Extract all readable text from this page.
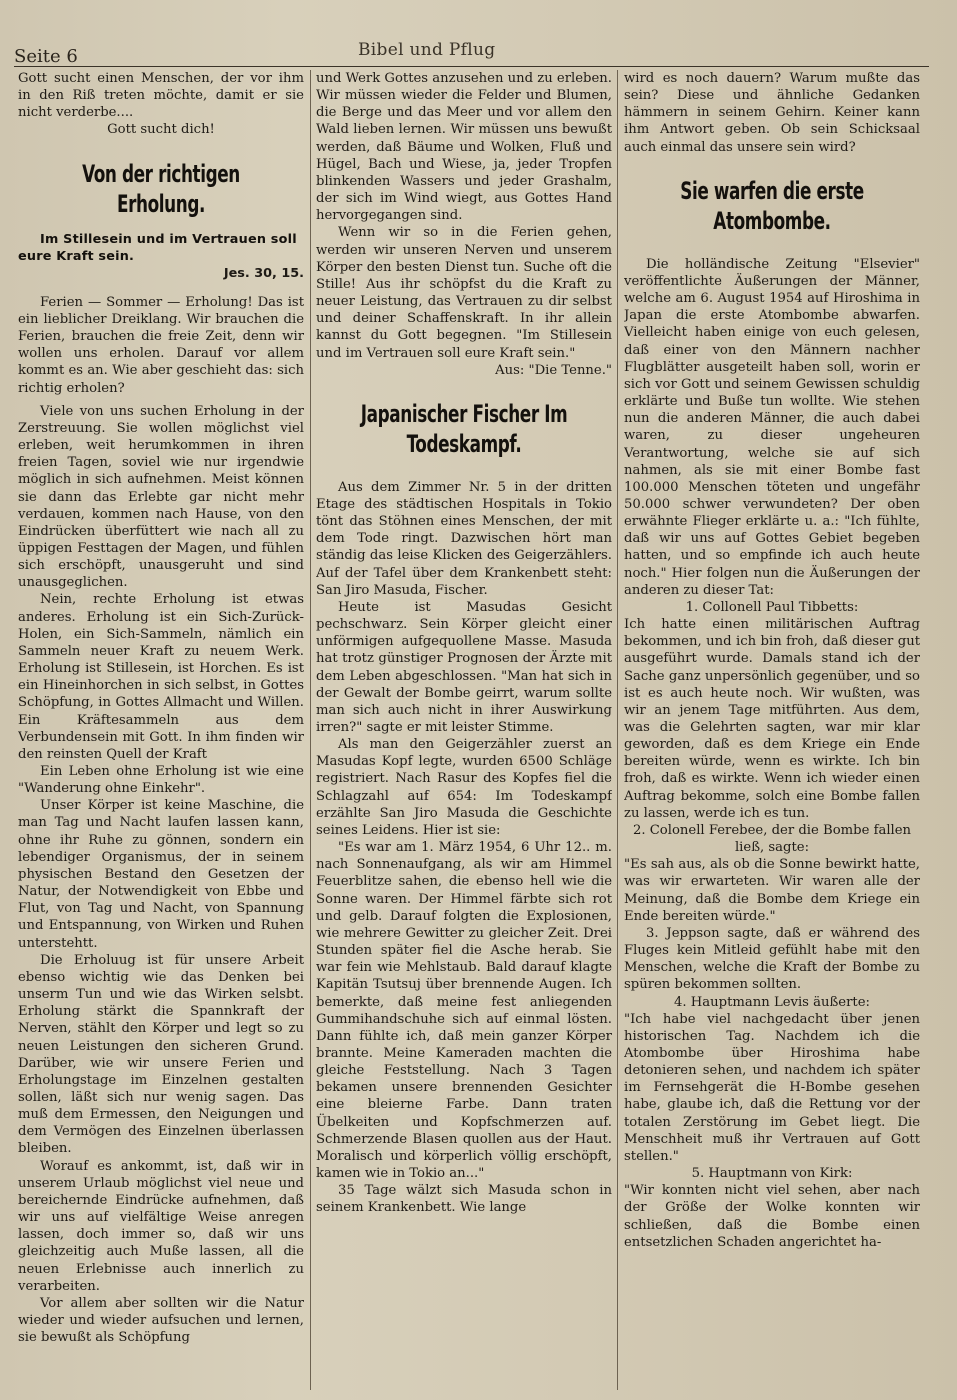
Seite 6	Bibel und Pflug

Gott sucht einen Menschen, der vor ihm in den Riß treten möchte, damit er sie nicht verderbe....

Gott sucht dich!

Von der richtigen Erholung.

Im Stillesein und im Vertrauen soll eure Kraft sein.

Jes. 30, 15.

Ferien — Sommer — Erholung! Das ist ein lieblicher Dreiklang. Wir brauchen die Ferien, brauchen die freie Zeit, denn wir wollen uns erholen. Darauf vor allem kommt es an. Wie aber geschieht das: sich richtig erholen?

Viele von uns suchen Erholung in der Zerstreuung. Sie wollen möglichst viel erleben, weit herumkommen in ihren freien Tagen, soviel wie nur irgendwie möglich in sich aufnehmen. Meist können sie dann das Erlebte gar nicht mehr verdauen, kommen nach Hause, von den Eindrücken überfüttert wie nach all zu üppigen Festtagen der Magen, und fühlen sich erschöpft, unausgeruht und sind unausgeglichen.

Nein, rechte Erholung ist etwas anderes. Erholung ist ein Sich-Zurück-Holen, ein Sich-Sammeln, nämlich ein Sammeln neuer Kraft zu neuem Werk. Erholung ist Stillesein, ist Horchen. Es ist ein Hineinhorchen in sich selbst, in Gottes Schöpfung, in Gottes Allmacht und Willen. Ein Kräftesammeln aus dem Verbundensein mit Gott. In ihm finden wir den reinsten Quell der Kraft

Ein Leben ohne Erholung ist wie eine "Wanderung ohne Einkehr".

Unser Körper ist keine Maschine, die man Tag und Nacht laufen lassen kann, ohne ihr Ruhe zu gönnen, sondern ein lebendiger Organismus, der in seinem physischen Bestand den Gesetzen der Natur, der Notwendigkeit von Ebbe und Flut, von Tag und Nacht, von Spannung und Entspannung, von Wirken und Ruhen unterstehtt.

Die Erholuug ist für unsere Arbeit ebenso wichtig wie das Denken bei unserm Tun und wie das Wirken selsbt. Erholung stärkt die Spannkraft der Nerven, stählt den Körper und legt so zu neuen Leistungen den sicheren Grund. Darüber, wie wir unsere Ferien und Erholungstage im Einzelnen gestalten sollen, läßt sich nur wenig sagen. Das muß dem Ermessen, den Neigungen und dem Vermögen des Einzelnen überlassen bleiben.

Worauf es ankommt, ist, daß wir in unserem Urlaub möglichst viel neue und bereichernde Eindrücke aufnehmen, daß wir uns auf vielfältige Weise anregen lassen, doch immer so, daß wir uns gleichzeitig auch Muße lassen, all die neuen Erlebnisse auch innerlich zu verarbeiten.

Vor allem aber sollten wir die Natur wieder und wieder aufsuchen und lernen, sie bewußt als Schöpfung

und Werk Gottes anzusehen und zu erleben. Wir müssen wieder die Felder und Blumen, die Berge und das Meer und vor allem den Wald lieben lernen. Wir müssen uns bewußt werden, daß Bäume und Wolken, Fluß und Hügel, Bach und Wiese, ja, jeder Tropfen blinkenden Wassers und jeder Grashalm, der sich im Wind wiegt, aus Gottes Hand hervorgegangen sind.

Wenn wir so in die Ferien gehen, werden wir unseren Nerven und unserem Körper den besten Dienst tun. Suche oft die Stille! Aus ihr schöpfst du die Kraft zu neuer Leistung, das Vertrauen zu dir selbst und deiner Schaffenskraft. In ihr allein kannst du Gott begegnen. "Im Stillesein und im Vertrauen soll eure Kraft sein."

Aus: "Die Tenne."

Japanischer Fischer Im Todeskampf.

Aus dem Zimmer Nr. 5 in der dritten Etage des städtischen Hospitals in Tokio tönt das Stöhnen eines Menschen, der mit dem Tode ringt. Dazwischen hört man ständig das leise Klicken des Geigerzählers. Auf der Tafel über dem Krankenbett steht: San Jiro Masuda, Fischer.

Heute ist Masudas Gesicht pechschwarz. Sein Körper gleicht einer unförmigen aufgequollene Masse. Masuda hat trotz günstiger Prognosen der Ärzte mit dem Leben abgeschlossen. "Man hat sich in der Gewalt der Bombe geirrt, warum sollte man sich auch nicht in ihrer Auswirkung irren?" sagte er mit leister Stimme.

Als man den Geigerzähler zuerst an Masudas Kopf legte, wurden 6500 Schläge registriert. Nach Rasur des Kopfes fiel die Schlagzahl auf 654: Im Todeskampf erzählte San Jiro Masuda die Geschichte seines Leidens. Hier ist sie:

"Es war am 1. März 1954, 6 Uhr 12.. m. nach Sonnenaufgang, als wir am Himmel Feuerblitze sahen, die ebenso hell wie die Sonne waren. Der Himmel färbte sich rot und gelb. Darauf folgten die Explosionen, wie mehrere Gewitter zu gleicher Zeit. Drei Stunden später fiel die Asche herab. Sie war fein wie Mehlstaub. Bald darauf klagte Kapitän Tsutsuj über brennende Augen. Ich bemerkte, daß meine fest anliegenden Gummihandschuhe sich auf einmal lösten. Dann fühlte ich, daß mein ganzer Körper brannte. Meine Kameraden machten die gleiche Feststellung. Nach 3 Tagen bekamen unsere brennenden Gesichter eine bleierne Farbe. Dann traten Übelkeiten und Kopfschmerzen auf. Schmerzende Blasen quollen aus der Haut. Moralisch und körperlich völlig erschöpft, kamen wie in Tokio an..."

35 Tage wälzt sich Masuda schon in seinem Krankenbett. Wie lange

wird es noch dauern? Warum mußte das sein? Diese und ähnliche Gedanken hämmern in seinem Gehirn. Keiner kann ihm Antwort geben. Ob sein Schicksaal auch einmal das unsere sein wird?

Sie warfen die erste Atombombe.

Die holländische Zeitung "Elsevier" veröffentlichte Äußerungen der Männer, welche am 6. August 1954 auf Hiroshima in Japan die erste Atombombe abwarfen. Vielleicht haben einige von euch gelesen, daß einer von den Männern nachher Flugblätter ausgeteilt haben soll, worin er sich vor Gott und seinem Gewissen schuldig erklärte und Buße tun wollte. Wie stehen nun die anderen Männer, die auch dabei waren, zu dieser ungeheuren Verantwortung, welche sie auf sich nahmen, als sie mit einer Bombe fast 100.000 Menschen töteten und ungefähr 50.000 schwer verwundeten? Der oben erwähnte Flieger erklärte u. a.: "Ich fühlte, daß wir uns auf Gottes Gebiet begeben hatten, und so empfinde ich auch heute noch." Hier folgen nun die Äußerungen der anderen zu dieser Tat:

1. Collonell Paul Tibbetts:

Ich hatte einen militärischen Auftrag bekommen, und ich bin froh, daß dieser gut ausgeführt wurde. Damals stand ich der Sache ganz unpersönlich gegenüber, und so ist es auch heute noch. Wir wußten, was wir an jenem Tage mitführten. Aus dem, was die Gelehrten sagten, war mir klar geworden, daß es dem Kriege ein Ende bereiten würde, wenn es wirkte. Ich bin froh, daß es wirkte. Wenn ich wieder einen Auftrag bekomme, solch eine Bombe fallen zu lassen, werde ich es tun.

2. Colonell Ferebee, der die Bombe fallen ließ, sagte:

"Es sah aus, als ob die Sonne bewirkt hatte, was wir erwarteten. Wir waren alle der Meinung, daß die Bombe dem Kriege ein Ende bereiten würde."

3. Jeppson sagte, daß er während des Fluges kein Mitleid gefühlt habe mit den Menschen, welche die Kraft der Bombe zu spüren bekommen sollten.

4. Hauptmann Levis äußerte:

"Ich habe viel nachgedacht über jenen historischen Tag. Nachdem ich die Atombombe über Hiroshima habe detonieren sehen, und nachdem ich später im Fernsehgerät die H-Bombe gesehen habe, glaube ich, daß die Rettung vor der totalen Zerstörung im Gebet liegt. Die Menschheit muß ihr Vertrauen auf Gott stellen."

5. Hauptmann von Kirk:

"Wir konnten nicht viel sehen, aber nach der Größe der Wolke konnten wir schließen, daß die Bombe einen entsetzlichen Schaden angerichtet ha-
